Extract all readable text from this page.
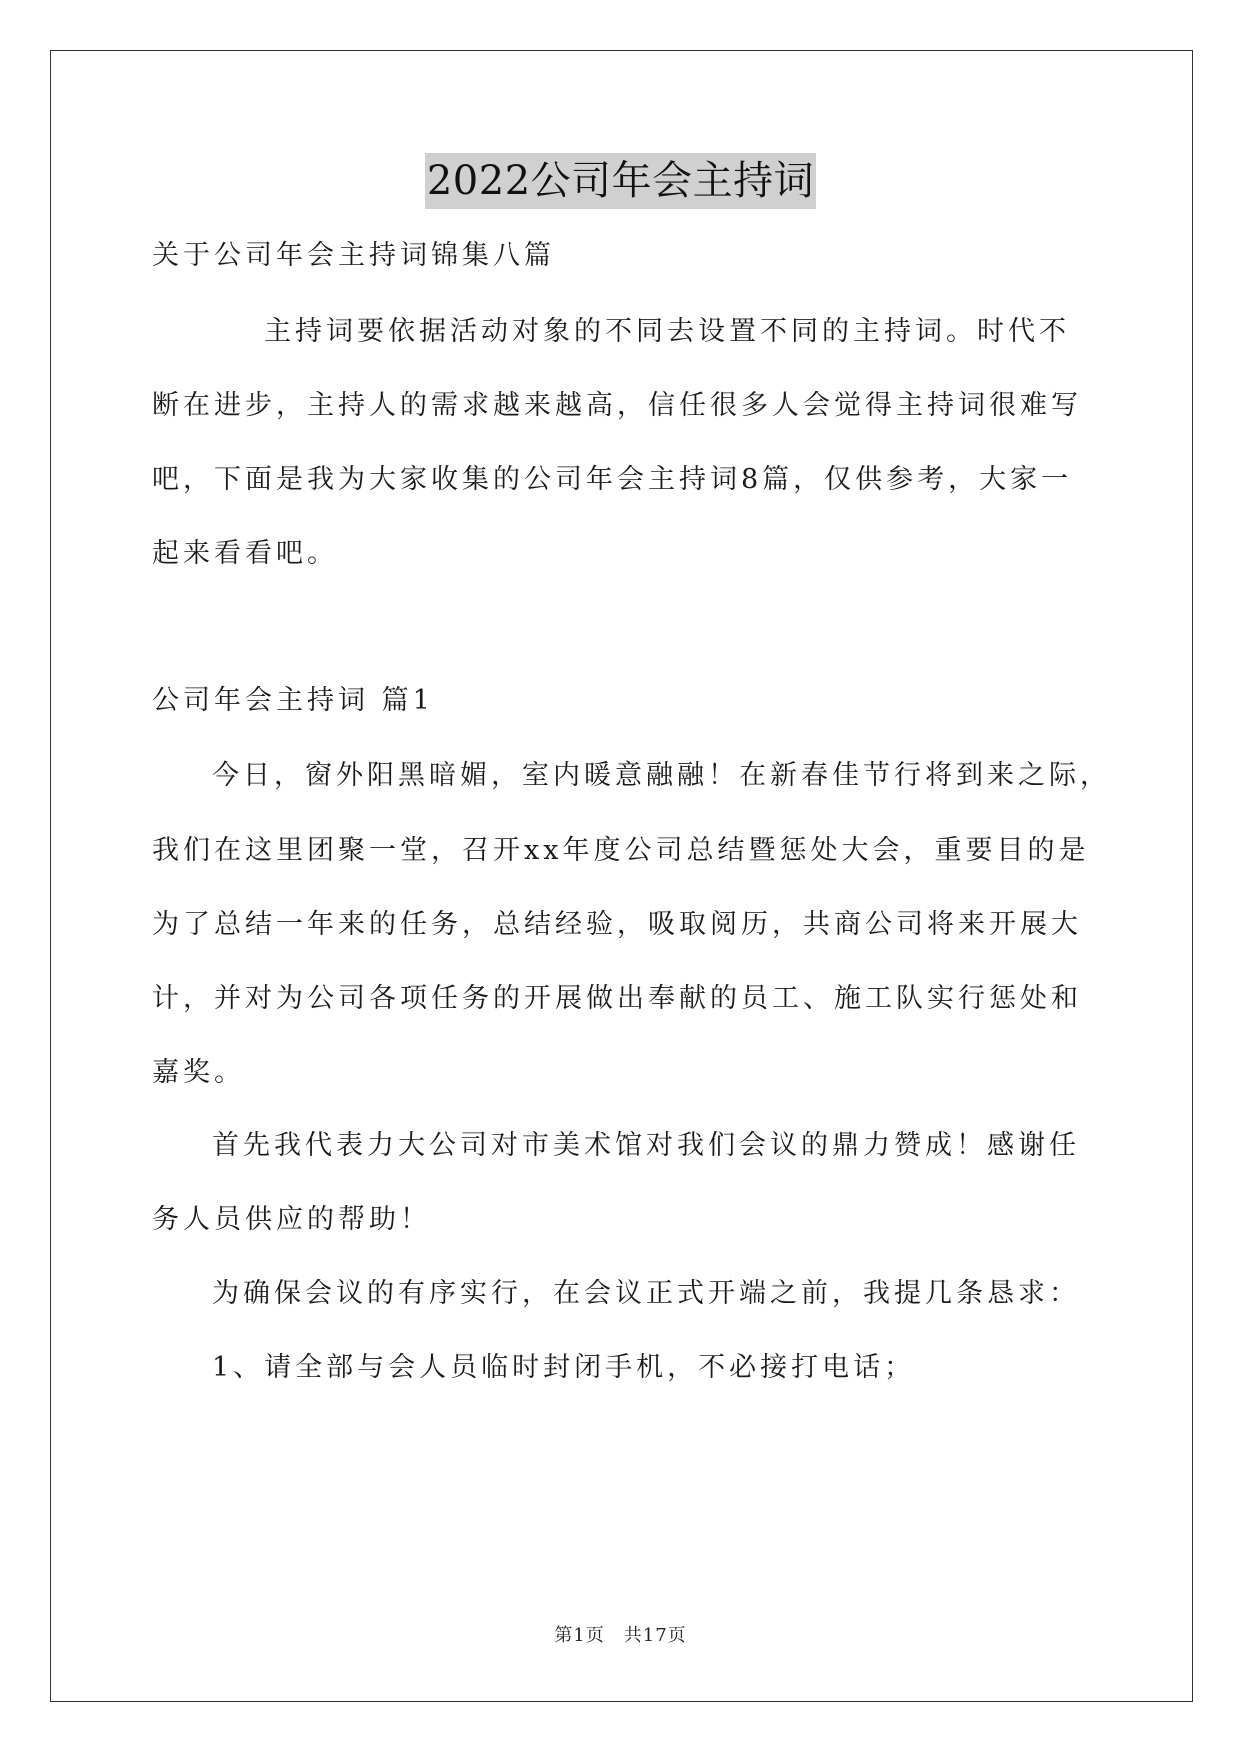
2022公司年会主持词
关于公司年会主持词锦集八篇
主持词要依据活动对象的不同去设置不同的主持词。时代不
断在进步，主持人的需求越来越高，信任很多人会觉得主持词很难写
吧，下面是我为大家收集的公司年会主持词8篇，仅供参考，大家一
起来看看吧。
公司年会主持词 篇1
今日，窗外阳黑暗媚，室内暖意融融！在新春佳节行将到来之际，
我们在这里团聚一堂，召开xx年度公司总结暨惩处大会，重要目的是
为了总结一年来的任务，总结经验，吸取阅历，共商公司将来开展大
计，并对为公司各项任务的开展做出奉献的员工、施工队实行惩处和
嘉奖。
首先我代表力大公司对市美术馆对我们会议的鼎力赞成！感谢任
务人员供应的帮助！
为确保会议的有序实行，在会议正式开端之前，我提几条恳求：
1、请全部与会人员临时封闭手机，不必接打电话；
第1页　共17页
